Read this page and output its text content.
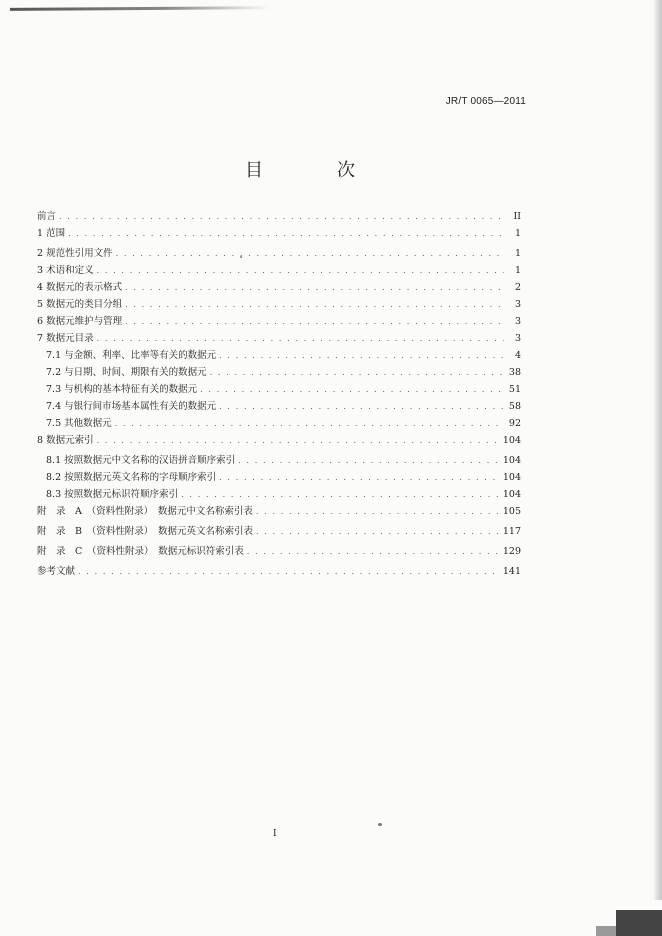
JR/T 0065—2011
目　次
前言 . . .	II
1 范围 . . .	1
2 规范性引用文件 . . .	1
3 术语和定义 . . .	1
4 数据元的表示格式 . . .	2
5 数据元的类目分组 . . .	3
6 数据元维护与管理 . . .	3
7 数据元目录 . . .	3
7.1 与金额、利率、比率等有关的数据元 . . .	4
7.2 与日期、时间、期限有关的数据元 . . .	38
7.3 与机构的基本特征有关的数据元 . . .	51
7.4 与银行间市场基本属性有关的数据元 . . .	58
7.5 其他数据元 . . .	92
8 数据元索引 . . .	104
8.1 按照数据元中文名称的汉语拼音顺序索引 . . .	104
8.2 按照数据元英文名称的字母顺序索引 . . .	104
8.3 按照数据元标识符顺序索引 . . .	104
附　录　A　（资料性附录）　数据元中文名称索引表 . . .	105
附　录　B　（资料性附录）　数据元英文名称索引表 . . .	117
附　录　C　（资料性附录）　数据元标识符索引表 . . .	129
参考文献 . . .	141
I
